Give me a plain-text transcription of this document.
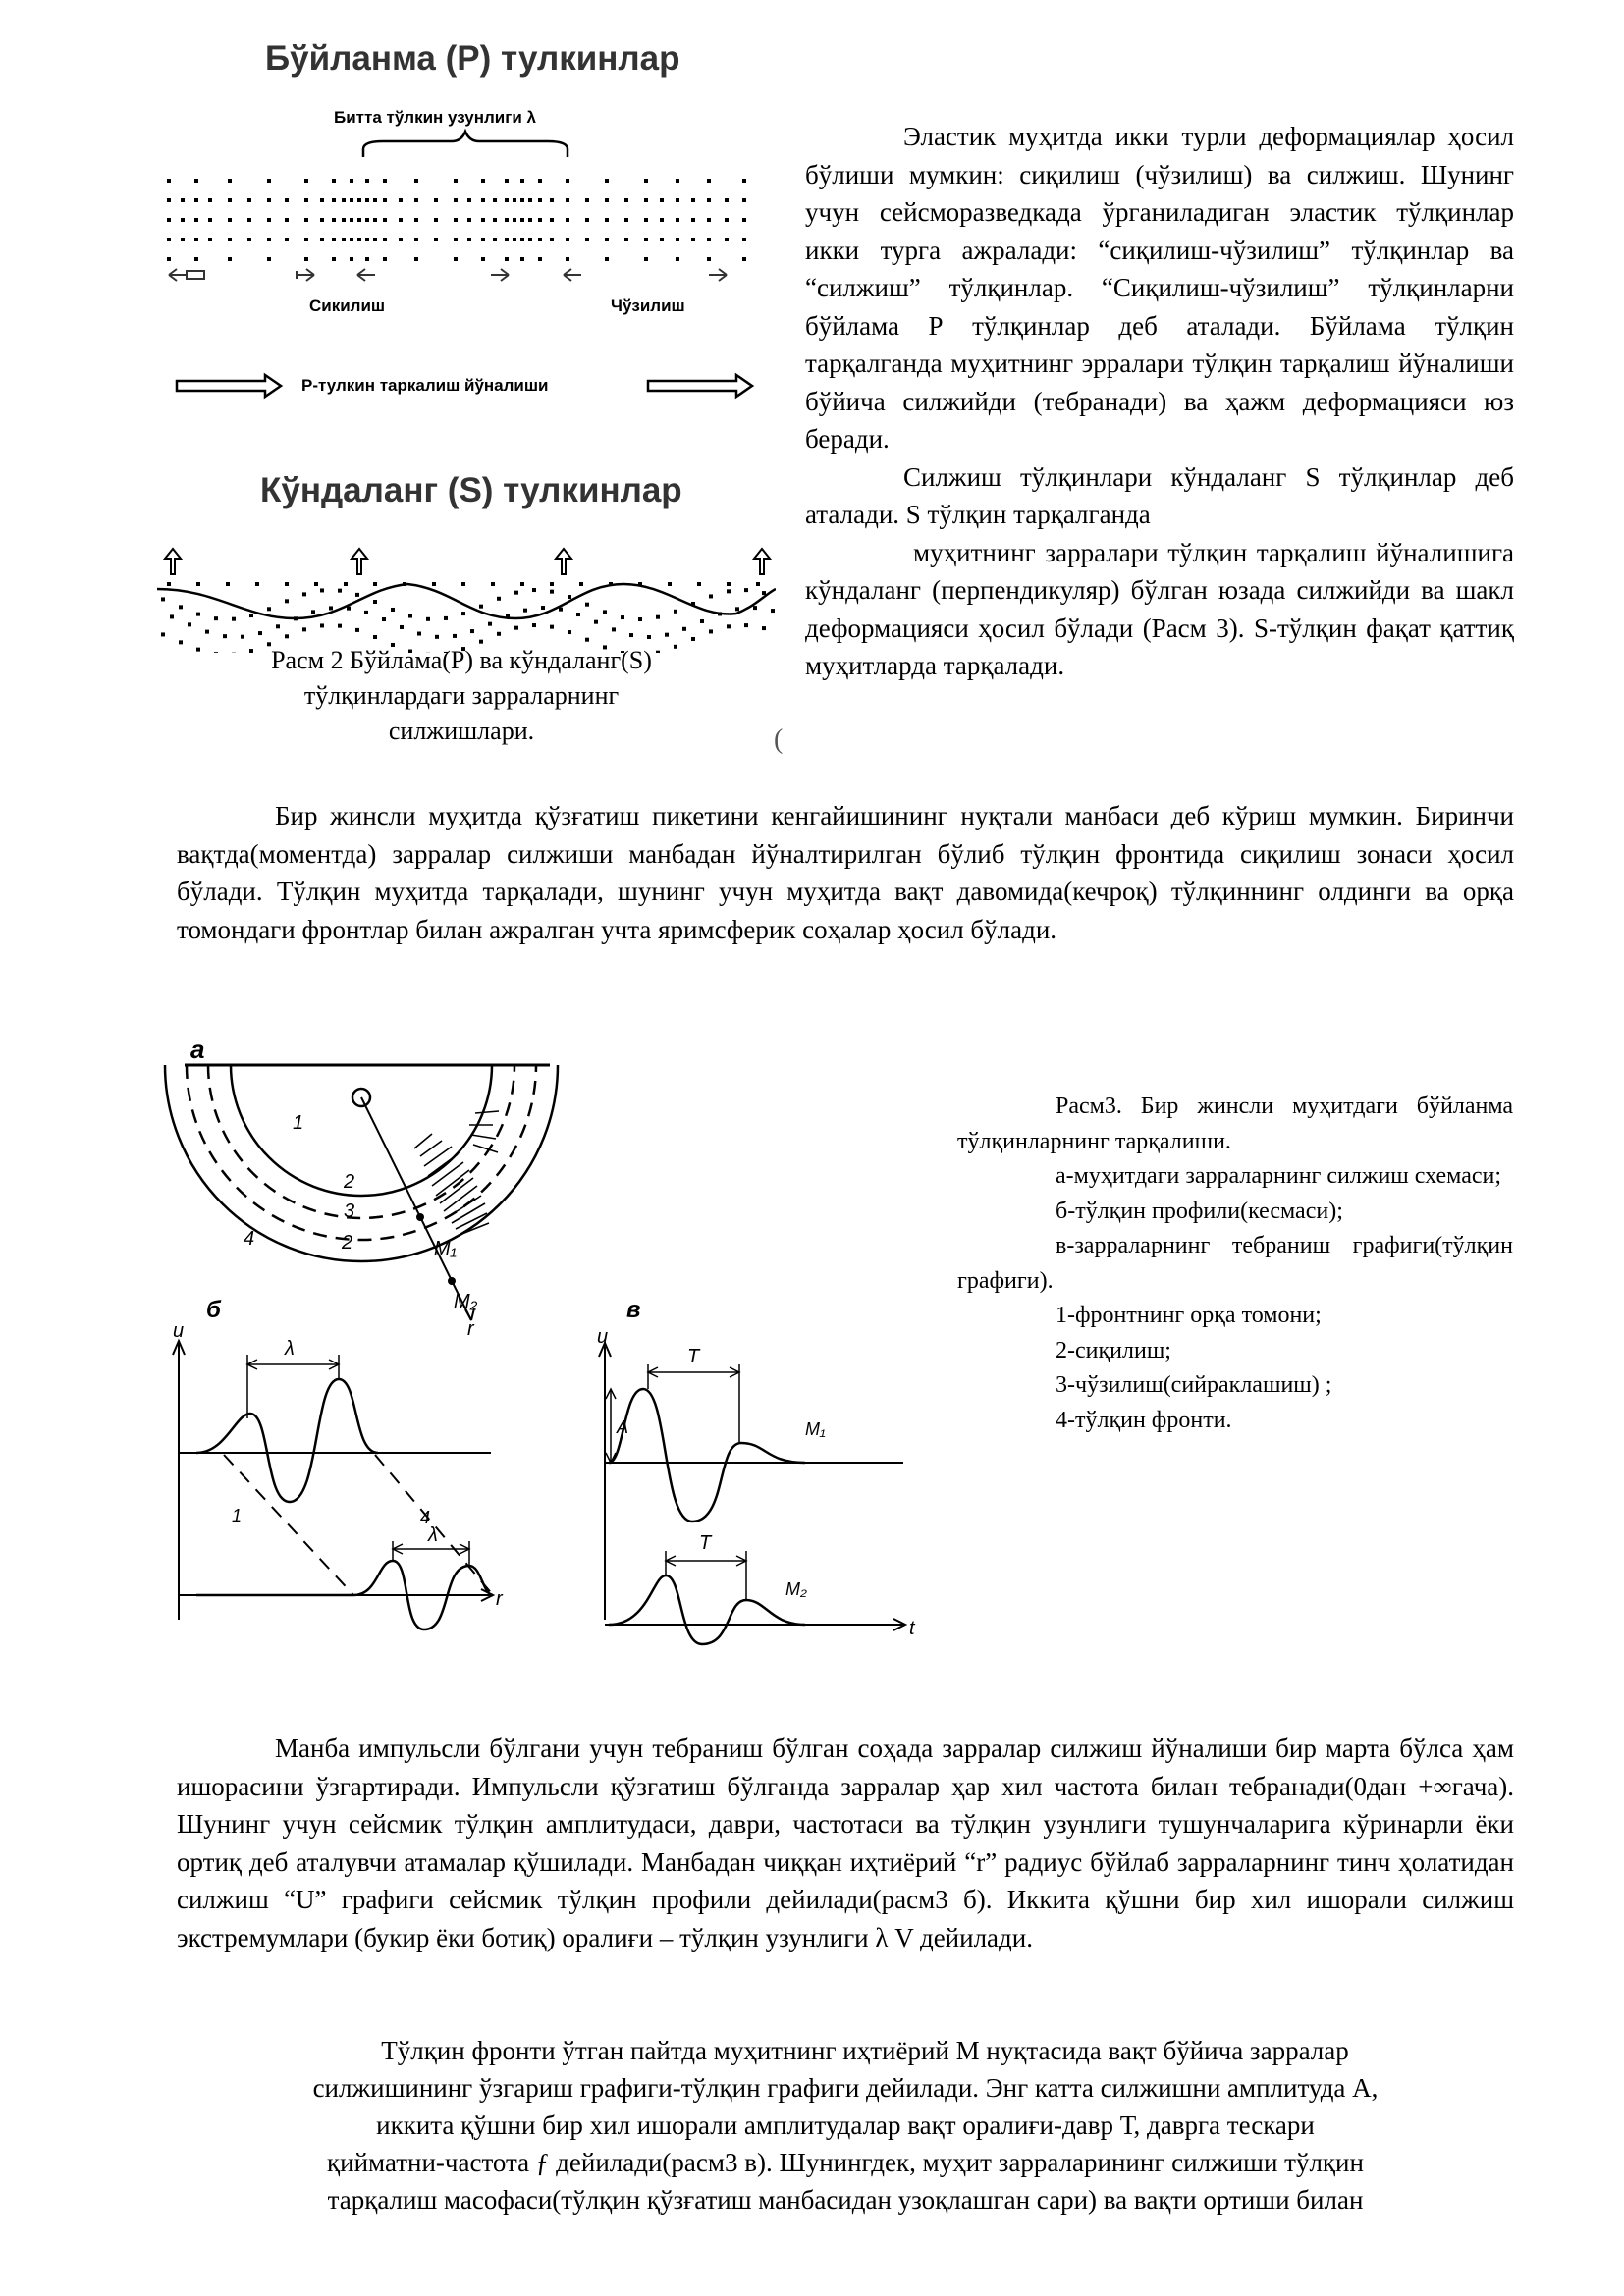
Бўйланма (Р) тулкинлар
Битта тўлкин узунлиги λ
Сикилиш	Чўзилиш
Р-тулкин таркалиш йўналиши
Кўндаланг (S) тулкинлар
Расм 2 Бўйлама(Р) ва кўндаланг(S)
тўлқинлардаги зарраларнинг
силжишлари.	(
Эластик муҳитда икки турли деформациялар ҳосил бўлиши мумкин: сиқилиш (чўзилиш) ва силжиш. Шунинг учун сейсморазведкада ўрганиладиган эластик тўлқинлар икки турга ажралади: “сиқилиш-чўзилиш” тўлқинлар ва “силжиш” тўлқинлар. “Сиқилиш-чўзилиш” тўлқинларни бўйлама Р тўлқинлар деб аталади. Бўйлама тўлқин тарқалганда муҳитнинг эрралари тўлқин тарқалиш йўналиши бўйича силжийди (тебранади) ва ҳажм деформацияси юз беради.
Силжиш тўлқинлари кўндаланг S тўлқинлар деб аталади. S тўлқин тарқалганда
муҳитнинг зарралари тўлқин тарқалиш йўналишига кўндаланг (перпендикуляр) бўлган юзада силжийди ва шакл деформацияси ҳосил бўлади (Расм 3). S-тўлқин фақат қаттиқ муҳитларда тарқалади.
Бир жинсли муҳитда қўзғатиш пикетини кенгайишининг нуқтали манбаси деб кўриш мумкин. Биринчи вақтда(моментда) зарралар силжиши манбадан йўналтирилган бўлиб тўлқин фронтида сиқилиш зонаси ҳосил бўлади. Тўлқин муҳитда тарқалади, шунинг учун муҳитда вақт давомида(кечроқ) тўлқиннинг олдинги ва орқа томондаги фронтлар билан ажралган учта яримсферик соҳалар ҳосил бўлади.
a
1
2
3
2
4	M₁
M₂
r
б
u
λ
r
1	4
λ
в
u
A
T
M₁
t
T
M₂
Расм3. Бир жинсли муҳитдаги бўйланма тўлқинларнинг тарқалиши.
а-муҳитдаги зарраларнинг силжиш схемаси;
б-тўлқин профили(кесмаси);
в-зарраларнинг тебраниш графиги(тўлқин графиги).
1-фронтнинг орқа томони;
2-сиқилиш;
3-чўзилиш(сийраклашиш) ;
4-тўлқин фронти.
Манба импульсли бўлгани учун тебраниш бўлган соҳада зарралар силжиш йўналиши бир марта бўлса ҳам ишорасини ўзгартиради. Импульсли қўзғатиш бўлганда зарралар ҳар хил частота билан тебранади(0дан +∞гача). Шунинг учун сейсмик тўлқин амплитудаси, даври, частотаси ва тўлқин узунлиги тушунчаларига кўринарли ёки ортиқ деб аталувчи атамалар қўшилади. Манбадан чиққан иҳтиёрий “r” радиус бўйлаб зарраларнинг тинч ҳолатидан силжиш “U” графиги сейсмик тўлқин профили дейилади(расм3 б). Иккита қўшни бир хил ишорали силжиш экстремумлари (букир ёки ботиқ) оралиғи – тўлқин узунлиги λ V дейилади.
Тўлқин фронти ўтган пайтда муҳитнинг иҳтиёрий М нуқтасида вақт бўйича зарралар
силжишининг ўзгариш графиги-тўлқин графиги дейилади. Энг катта силжишни амплитуда А,
иккита қўшни бир хил ишорали амплитудалар вақт оралиғи-давр Т, даврга тескари
қийматни-частота ƒ дейилади(расм3 в). Шунингдек, муҳит зарраларининг силжиши тўлқин
тарқалиш масофаси(тўлқин қўзғатиш манбасидан узоқлашган сари) ва вақти ортиши билан
